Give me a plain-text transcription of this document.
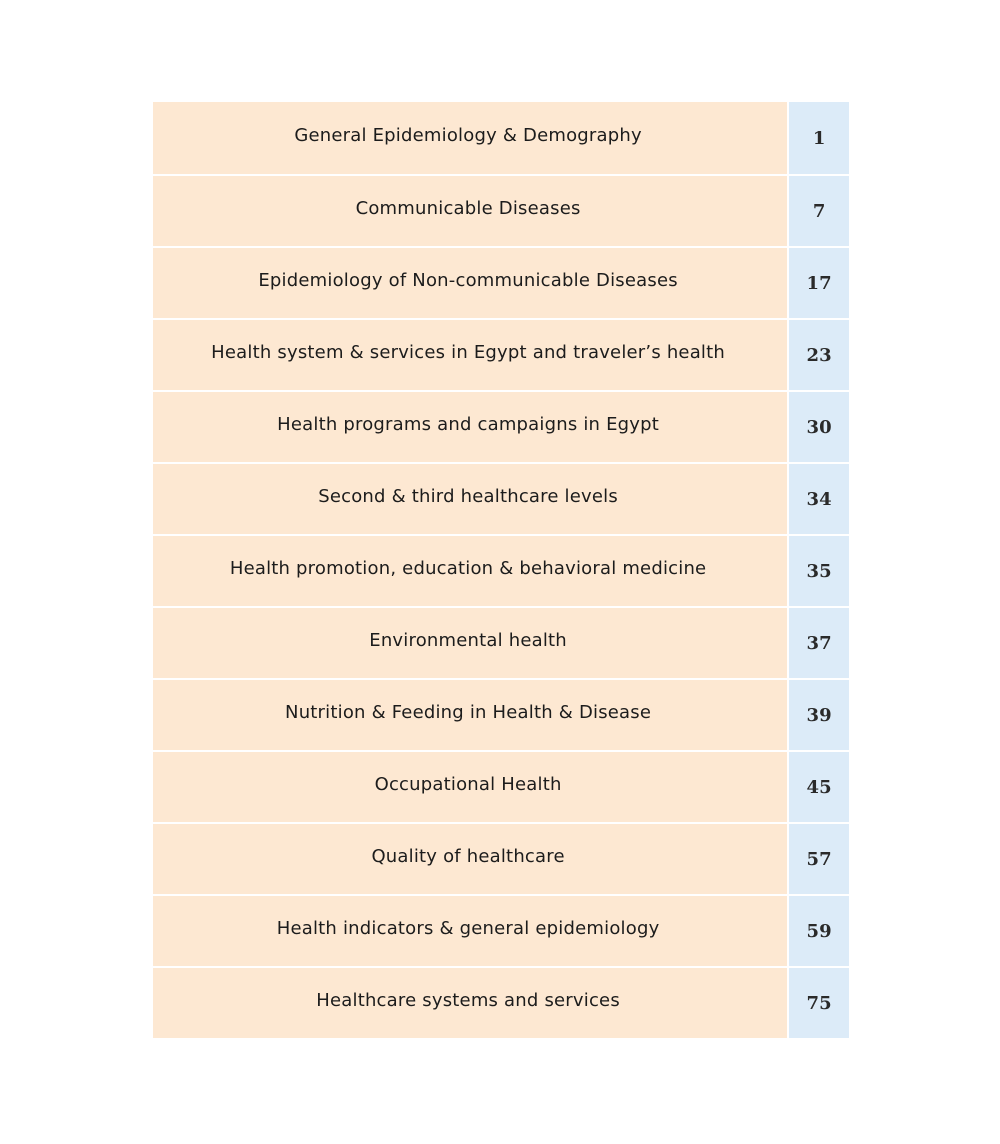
General Epidemiology & Demography	1
Communicable Diseases	7
Epidemiology of Non-communicable Diseases	17
Health system & services in Egypt and traveler’s health	23
Health programs and campaigns in Egypt	30
Second & third healthcare levels	34
Health promotion, education & behavioral medicine	35
Environmental health	37
Nutrition & Feeding in Health & Disease	39
Occupational Health	45
Quality of healthcare	57
Health indicators & general epidemiology	59
Healthcare systems and services	75
